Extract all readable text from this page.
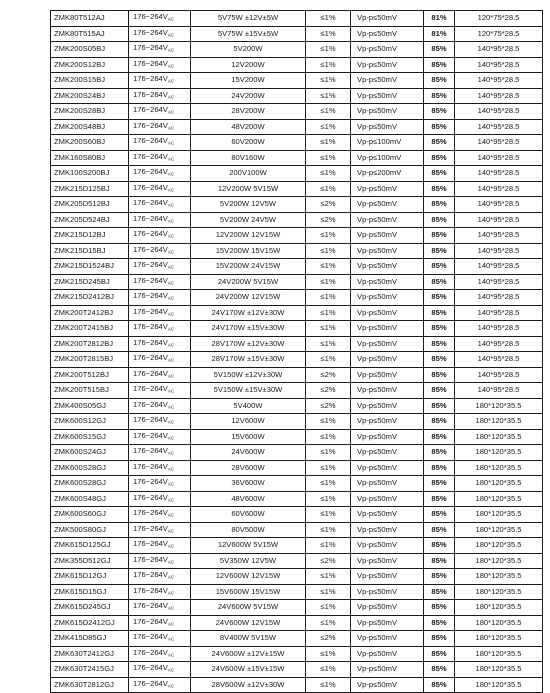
ZMK80T512AJ	$176\sim 264V_{AC}$	5V75W ±12V±5W	≤1%	Vp-p≤50mV	81%	120*75*28.5
ZMK80T515AJ	$176\sim 264V_{AC}$	5V75W ±15V±5W	≤1%	Vp-p≤50mV	81%	120*75*28.5
ZMK200S05BJ	$176\sim 264V_{AC}$	5V200W	≤1%	Vp-p≤50mV	85%	140*95*28.5
ZMK200S12BJ	$176\sim 264V_{AC}$	12V200W	≤1%	Vp-p≤50mV	85%	140*95*28.5
ZMK200S15BJ	$176\sim 264V_{AC}$	15V200W	≤1%	Vp-p≤50mV	85%	140*95*28.5
ZMK200S24BJ	$176\sim 264V_{AC}$	24V200W	≤1%	Vp-p≤50mV	85%	140*95*28.5
ZMK200S28BJ	$176\sim 264V_{AC}$	28V200W	≤1%	Vp-p≤50mV	85%	140*95*28.5
ZMK200S48BJ	$176\sim 264V_{AC}$	48V200W	≤1%	Vp-p≤50mV	85%	140*95*28.5
ZMK200S60BJ	$176\sim 264V_{AC}$	60V200W	≤1%	Vp-p≤100mV	85%	140*95*28.5
ZMK160S80BJ	$176\sim 264V_{AC}$	80V160W	≤1%	Vp-p≤100mV	85%	140*95*28.5
ZMK100S200BJ	$176\sim 264V_{AC}$	200V100W	≤1%	Vp-p≤200mV	85%	140*95*28.5
ZMK215D125BJ	$176\sim 264V_{AC}$	12V200W 5V15W	≤1%	Vp-p≤50mV	85%	140*95*28.5
ZMK205D512BJ	$176\sim 264V_{AC}$	5V200W 12V5W	≤2%	Vp-p≤50mV	85%	140*95*28.5
ZMK205D524BJ	$176\sim 264V_{AC}$	5V200W 24V5W	≤2%	Vp-p≤50mV	85%	140*95*28.5
ZMK215D12BJ	$176\sim 264V_{AC}$	12V200W 12V15W	≤1%	Vp-p≤50mV	85%	140*95*28.5
ZMK215D15BJ	$176\sim 264V_{AC}$	15V200W 15V15W	≤1%	Vp-p≤50mV	85%	140*95*28.5
ZMK215D1524BJ	$176\sim 264V_{AC}$	15V200W 24V15W	≤1%	Vp-p≤50mV	85%	140*95*28.5
ZMK215D245BJ	$176\sim 264V_{AC}$	24V200W 5V15W	≤1%	Vp-p≤50mV	85%	140*95*28.5
ZMK215D2412BJ	$176\sim 264V_{AC}$	24V200W 12V15W	≤1%	Vp-p≤50mV	85%	140*95*28.5
ZMK200T2412BJ	$176\sim 264V_{AC}$	24V170W ±12V±30W	≤1%	Vp-p≤50mV	85%	140*95*28.5
ZMK200T2415BJ	$176\sim 264V_{AC}$	24V170W ±15V±30W	≤1%	Vp-p≤50mV	85%	140*95*28.5
ZMK200T2812BJ	$176\sim 264V_{AC}$	28V170W ±12V±30W	≤1%	Vp-p≤50mV	85%	140*95*28.5
ZMK200T2815BJ	$176\sim 264V_{AC}$	28V170W ±15V±30W	≤1%	Vp-p≤50mV	85%	140*95*28.5
ZMK200T512BJ	$176\sim 264V_{AC}$	5V150W ±12V±30W	≤2%	Vp-p≤50mV	85%	140*95*28.5
ZMK200T515BJ	$176\sim 264V_{AC}$	5V150W ±15V±30W	≤2%	Vp-p≤50mV	85%	140*95*28.5
ZMK400S05GJ	$176\sim 264V_{AC}$	5V400W	≤2%	Vp-p≤50mV	85%	180*120*35.5
ZMK600S12GJ	$176\sim 264V_{AC}$	12V600W	≤1%	Vp-p≤50mV	85%	180*120*35.5
ZMK600S15GJ	$176\sim 264V_{AC}$	15V600W	≤1%	Vp-p≤50mV	85%	180*120*35.5
ZMK600S24GJ	$176\sim 264V_{AC}$	24V600W	≤1%	Vp-p≤50mV	85%	180*120*35.5
ZMK600S28GJ	$176\sim 264V_{AC}$	28V600W	≤1%	Vp-p≤50mV	85%	180*120*35.5
ZMK600S28GJ	$176\sim 264V_{AC}$	36V600W	≤1%	Vp-p≤50mV	85%	180*120*35.5
ZMK600S48GJ	$176\sim 264V_{AC}$	48V600W	≤1%	Vp-p≤50mV	85%	180*120*35.5
ZMK600S60GJ	$176\sim 264V_{AC}$	60V600W	≤1%	Vp-p≤50mV	85%	180*120*35.5
ZMK500S80GJ	$176\sim 264V_{AC}$	80V500W	≤1%	Vp-p≤50mV	85%	180*120*35.5
ZMK615D125GJ	$176\sim 264V_{AC}$	12V600W 5V15W	≤1%	Vp-p≤50mV	85%	180*120*35.5
ZMK355D512GJ	$176\sim 264V_{AC}$	5V350W 12V5W	≤2%	Vp-p≤50mV	85%	180*120*35.5
ZMK615D12GJ	$176\sim 264V_{AC}$	12V600W 12V15W	≤1%	Vp-p≤50mV	85%	180*120*35.5
ZMK615D15GJ	$176\sim 264V_{AC}$	15V600W 15V15W	≤1%	Vp-p≤50mV	85%	180*120*35.5
ZMK615D245GJ	$176\sim 264V_{AC}$	24V600W 5V15W	≤1%	Vp-p≤50mV	85%	180*120*35.5
ZMK615D2412GJ	$176\sim 264V_{AC}$	24V600W 12V15W	≤1%	Vp-p≤50mV	85%	180*120*35.5
ZMK415D85GJ	$176\sim 264V_{AC}$	8V400W 5V15W	≤2%	Vp-p≤50mV	85%	180*120*35.5
ZMK630T2412GJ	$176\sim 264V_{AC}$	24V600W ±12V±15W	≤1%	Vp-p≤50mV	85%	180*120*35.5
ZMK630T2415GJ	$176\sim 264V_{AC}$	24V600W ±15V±15W	≤1%	Vp-p≤50mV	85%	180*120*35.5
ZMK630T2812GJ	$176\sim 264V_{AC}$	28V600W ±12V±30W	≤1%	Vp-p≤50mV	85%	180*120*35.5
